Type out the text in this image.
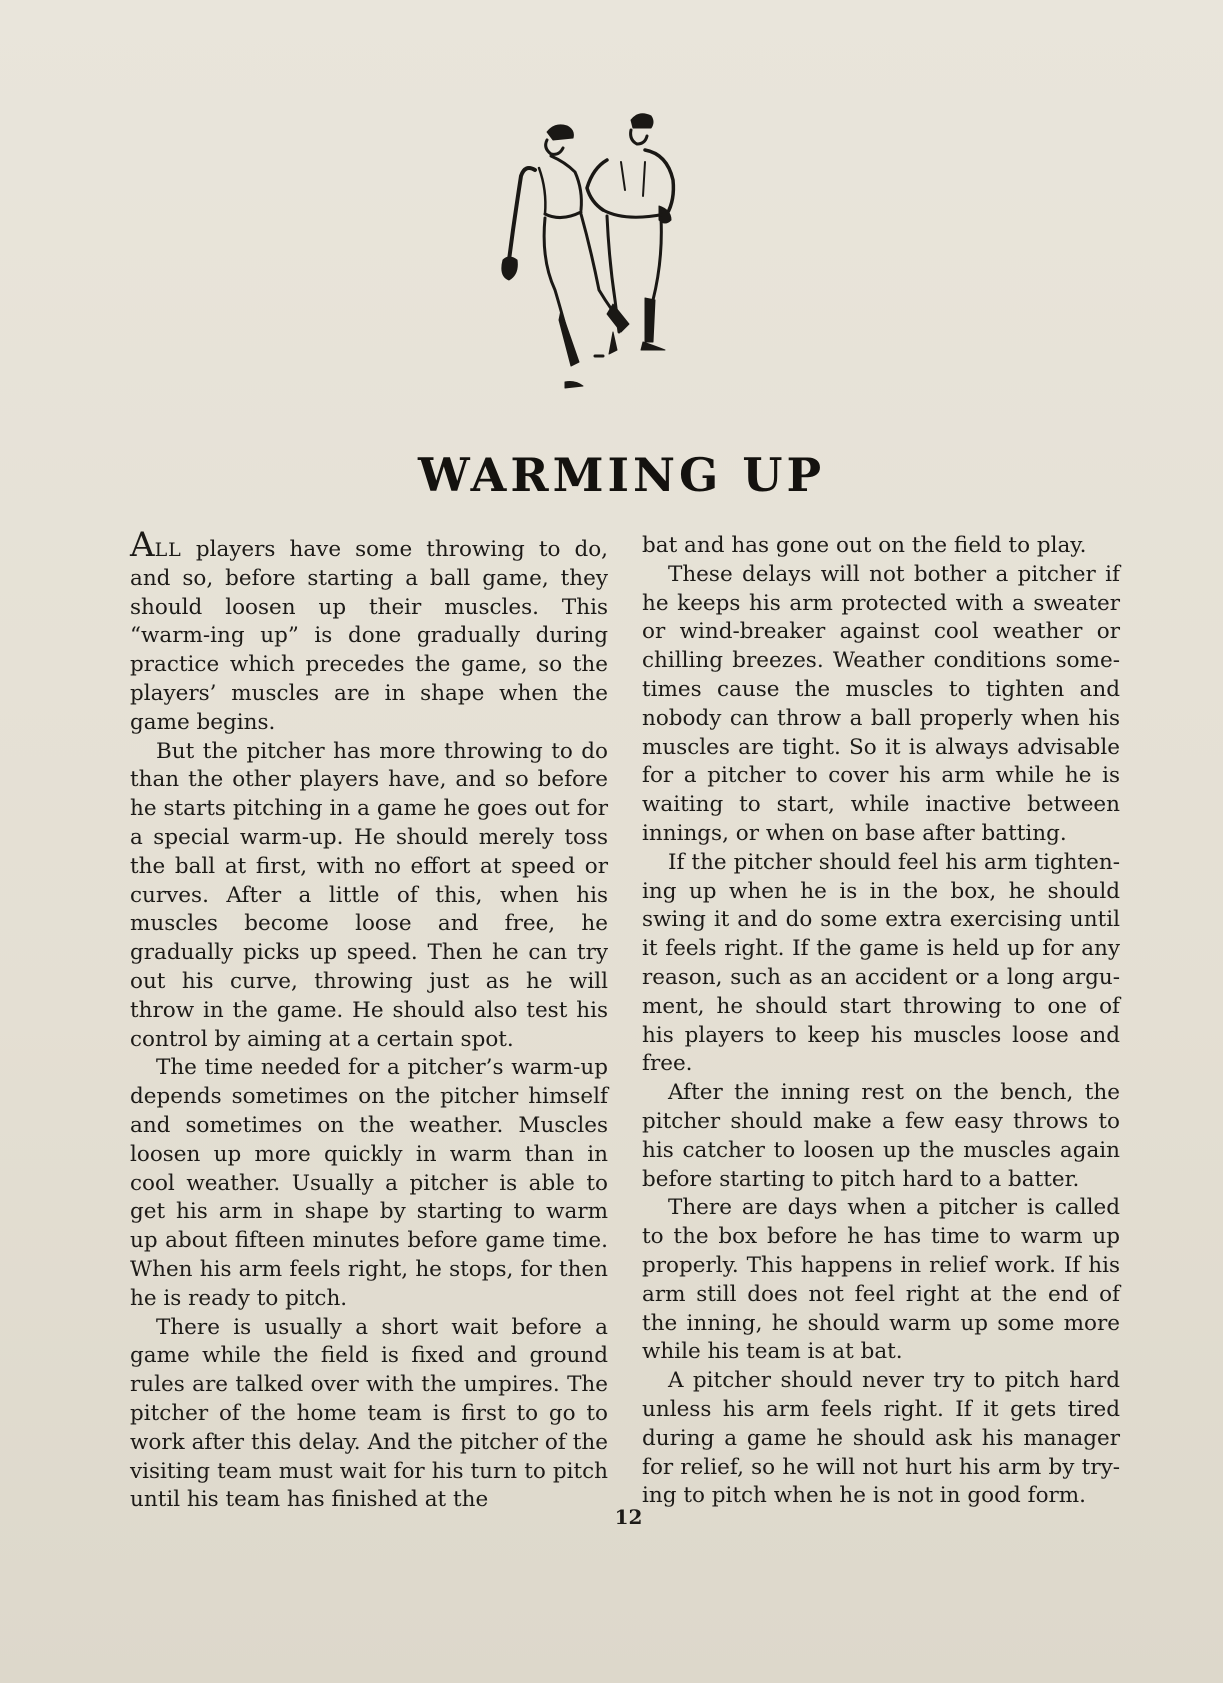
WARMING UP

ALL players have some throwing to do, and so, before starting a ball game, they should loosen up their muscles. This “warm-ing up” is done gradually during practice which precedes the game, so the players’ muscles are in shape when the game begins.

But the pitcher has more throwing to do than the other players have, and so before he starts pitching in a game he goes out for a special warm-up. He should merely toss the ball at first, with no effort at speed or curves. After a little of this, when his muscles become loose and free, he gradually picks up speed. Then he can try out his curve, throwing just as he will throw in the game. He should also test his control by aiming at a certain spot.

The time needed for a pitcher’s warm-up depends sometimes on the pitcher himself and sometimes on the weather. Muscles loosen up more quickly in warm than in cool weather. Usually a pitcher is able to get his arm in shape by starting to warm up about fifteen minutes before game time. When his arm feels right, he stops, for then he is ready to pitch.

There is usually a short wait before a game while the field is fixed and ground rules are talked over with the umpires. The pitcher of the home team is first to go to work after this delay. And the pitcher of the visiting team must wait for his turn to pitch until his team has finished at the

bat and has gone out on the field to play.

These delays will not bother a pitcher if he keeps his arm protected with a sweater or wind-breaker against cool weather or chilling breezes. Weather conditions some-times cause the muscles to tighten and nobody can throw a ball properly when his muscles are tight. So it is always advisable for a pitcher to cover his arm while he is waiting to start, while inactive between innings, or when on base after batting.

If the pitcher should feel his arm tighten-ing up when he is in the box, he should swing it and do some extra exercising until it feels right. If the game is held up for any reason, such as an accident or a long argu-ment, he should start throwing to one of his players to keep his muscles loose and free.

After the inning rest on the bench, the pitcher should make a few easy throws to his catcher to loosen up the muscles again before starting to pitch hard to a batter.

There are days when a pitcher is called to the box before he has time to warm up properly. This happens in relief work. If his arm still does not feel right at the end of the inning, he should warm up some more while his team is at bat.

A pitcher should never try to pitch hard unless his arm feels right. If it gets tired during a game he should ask his manager for relief, so he will not hurt his arm by try-ing to pitch when he is not in good form.

12
